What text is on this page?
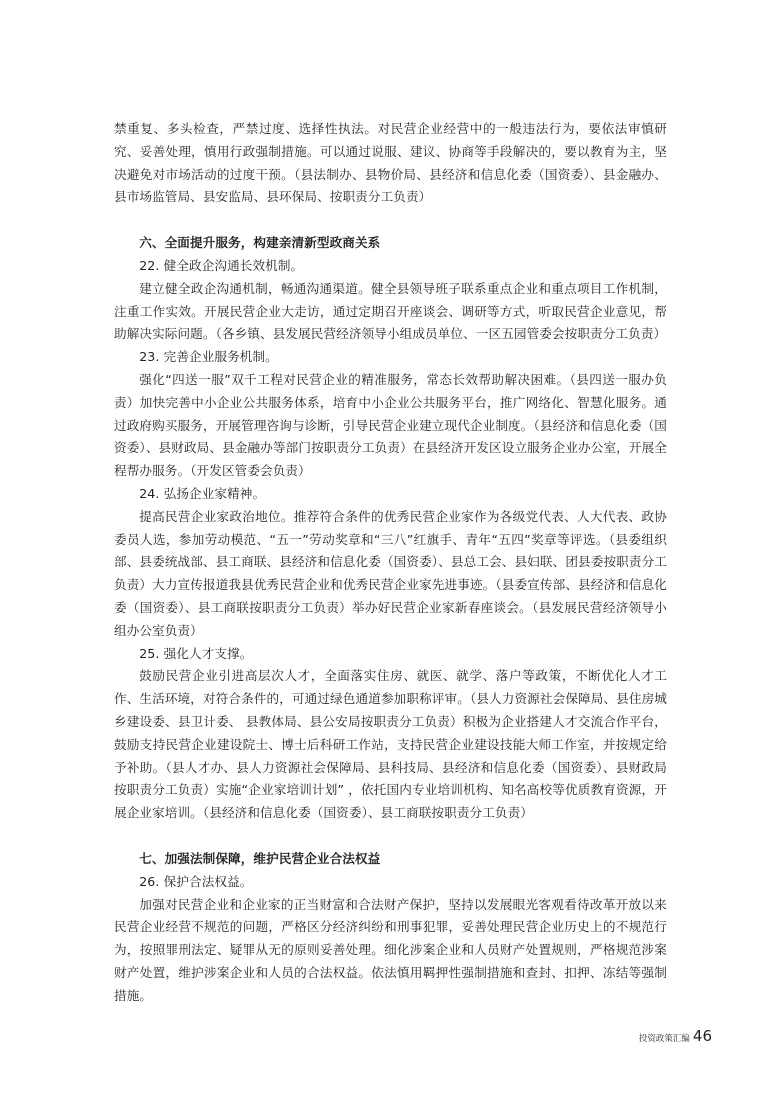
禁重复、多头检查，严禁过度、选择性执法。对民营企业经营中的一般违法行为，要依法审慎研究、妥善处理，慎用行政强制措施。可以通过说服、建议、协商等手段解决的，要以教育为主，坚决避免对市场活动的过度干预。（县法制办、县物价局、县经济和信息化委（国资委）、县金融办、县市场监管局、县安监局、县环保局、按职责分工负责）

六、全面提升服务，构建亲清新型政商关系

22. 健全政企沟通长效机制。

建立健全政企沟通机制，畅通沟通渠道。健全县领导班子联系重点企业和重点项目工作机制，注重工作实效。开展民营企业大走访，通过定期召开座谈会、调研等方式，听取民营企业意见，帮助解决实际问题。（各乡镇、县发展民营经济领导小组成员单位、一区五园管委会按职责分工负责）

23. 完善企业服务机制。

强化“四送一服”双千工程对民营企业的精准服务，常态长效帮助解决困难。（县四送一服办负责）加快完善中小企业公共服务体系，培育中小企业公共服务平台，推广网络化、智慧化服务。通过政府购买服务，开展管理咨询与诊断，引导民营企业建立现代企业制度。（县经济和信息化委（国资委）、县财政局、县金融办等部门按职责分工负责）在县经济开发区设立服务企业办公室，开展全程帮办服务。（开发区管委会负责）

24. 弘扬企业家精神。

提高民营企业家政治地位。推荐符合条件的优秀民营企业家作为各级党代表、人大代表、政协委员人选，参加劳动模范、“五一”劳动奖章和“三八”红旗手、青年“五四”奖章等评选。（县委组织部、县委统战部、县工商联、县经济和信息化委（国资委）、县总工会、县妇联、团县委按职责分工负责）大力宣传报道我县优秀民营企业和优秀民营企业家先进事迹。（县委宣传部、县经济和信息化委（国资委）、县工商联按职责分工负责）举办好民营企业家新春座谈会。（县发展民营经济领导小组办公室负责）

25. 强化人才支撑。

鼓励民营企业引进高层次人才，全面落实住房、就医、就学、落户等政策，不断优化人才工作、生活环境，对符合条件的，可通过绿色通道参加职称评审。（县人力资源社会保障局、县住房城乡建设委、县卫计委、 县教体局、县公安局按职责分工负责）积极为企业搭建人才交流合作平台，鼓励支持民营企业建设院士、博士后科研工作站，支持民营企业建设技能大师工作室，并按规定给予补助。（县人才办、县人力资源社会保障局、县科技局、县经济和信息化委（国资委）、县财政局按职责分工负责）实施“企业家培训计划” ，依托国内专业培训机构、知名高校等优质教育资源，开展企业家培训。（县经济和信息化委（国资委）、县工商联按职责分工负责）

七、加强法制保障，维护民营企业合法权益

26. 保护合法权益。

加强对民营企业和企业家的正当财富和合法财产保护，坚持以发展眼光客观看待改革开放以来民营企业经营不规范的问题，严格区分经济纠纷和刑事犯罪，妥善处理民营企业历史上的不规范行为，按照罪刑法定、疑罪从无的原则妥善处理。细化涉案企业和人员财产处置规则，严格规范涉案财产处置，维护涉案企业和人员的合法权益。依法慎用羁押性强制措施和查封、扣押、冻结等强制措施。

投资政策汇编 46
